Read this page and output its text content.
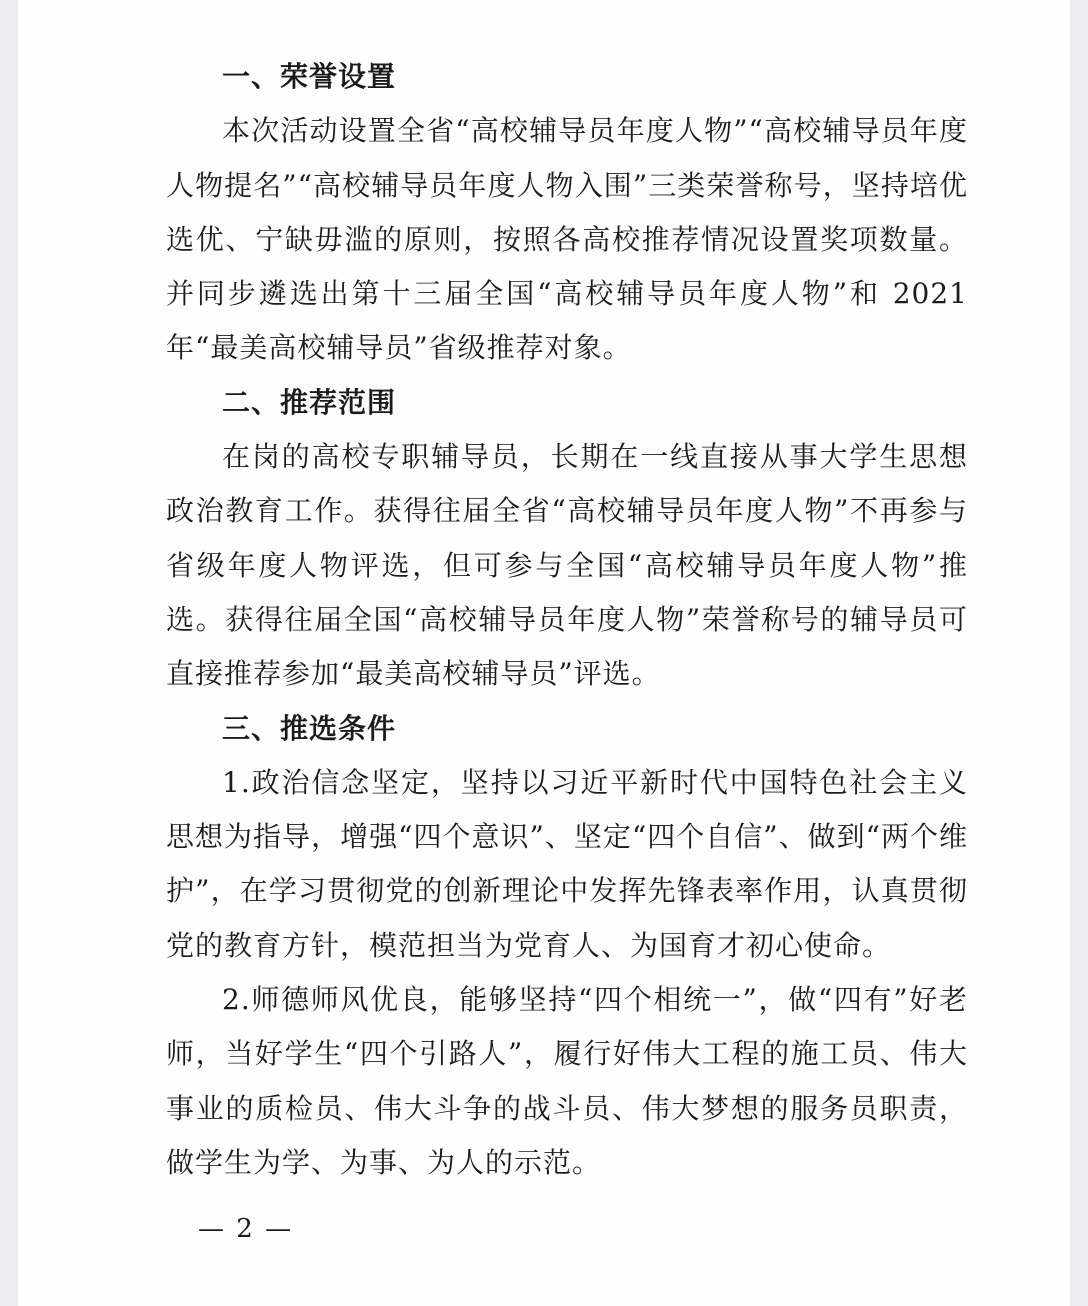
一、荣誉设置

本次活动设置全省“高校辅导员年度人物”“高校辅导员年度人物提名”“高校辅导员年度人物入围”三类荣誉称号，坚持培优选优、宁缺毋滥的原则，按照各高校推荐情况设置奖项数量。并同步遴选出第十三届全国“高校辅导员年度人物”和 2021 年“最美高校辅导员”省级推荐对象。

二、推荐范围

在岗的高校专职辅导员，长期在一线直接从事大学生思想政治教育工作。获得往届全省“高校辅导员年度人物”不再参与省级年度人物评选，但可参与全国“高校辅导员年度人物”推选。获得往届全国“高校辅导员年度人物”荣誉称号的辅导员可直接推荐参加“最美高校辅导员”评选。

三、推选条件

1.政治信念坚定，坚持以习近平新时代中国特色社会主义思想为指导，增强“四个意识”、坚定“四个自信”、做到“两个维护”，在学习贯彻党的创新理论中发挥先锋表率作用，认真贯彻党的教育方针，模范担当为党育人、为国育才初心使命。

2.师德师风优良，能够坚持“四个相统一”，做“四有”好老师，当好学生“四个引路人”，履行好伟大工程的施工员、伟大事业的质检员、伟大斗争的战斗员、伟大梦想的服务员职责，做学生为学、为事、为人的示范。

— 2 —
